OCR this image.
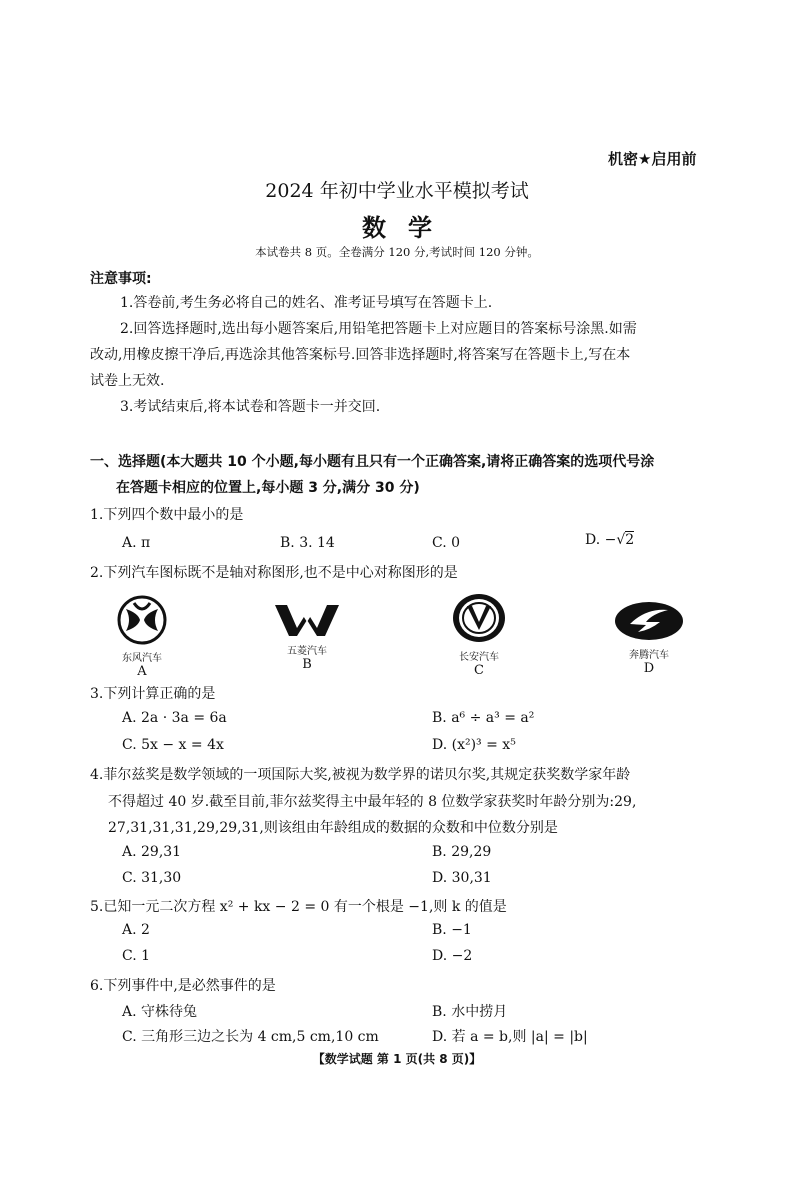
机密★启用前
2024 年初中学业水平模拟考试
数学
本试卷共 8 页。全卷满分 120 分,考试时间 120 分钟。
注意事项:
1.答卷前,考生务必将自己的姓名、准考证号填写在答题卡上.
2.回答选择题时,选出每小题答案后,用铅笔把答题卡上对应题目的答案标号涂黑.如需
改动,用橡皮擦干净后,再选涂其他答案标号.回答非选择题时,将答案写在答题卡上,写在本
试卷上无效.
3.考试结束后,将本试卷和答题卡一并交回.
一、选择题(本大题共 10 个小题,每小题有且只有一个正确答案,请将正确答案的选项代号涂
在答题卡相应的位置上,每小题 3 分,满分 30 分)
1.下列四个数中最小的是
A. π	B. 3. 14	C. 0	D. −√2
2.下列汽车图标既不是轴对称图形,也不是中心对称图形的是
东风汽车
A
五菱汽车
B	长安汽车
C
奔腾汽车
D
3.下列计算正确的是
A. 2a · 3a = 6a	B. a⁶ ÷ a³ = a²
C. 5x − x = 4x	D. (x²)³ = x⁵
4.菲尔兹奖是数学领域的一项国际大奖,被视为数学界的诺贝尔奖,其规定获奖数学家年龄
不得超过 40 岁.截至目前,菲尔兹奖得主中最年轻的 8 位数学家获奖时年龄分别为:29,
27,31,31,31,29,29,31,则该组由年龄组成的数据的众数和中位数分别是
A. 29,31	B. 29,29
C. 31,30	D. 30,31
5.已知一元二次方程 x² + kx − 2 = 0 有一个根是 −1,则 k 的值是
A. 2	B. −1
C. 1	D. −2
6.下列事件中,是必然事件的是
A. 守株待兔	B. 水中捞月
C. 三角形三边之长为 4 cm,5 cm,10 cm	D. 若 a = b,则 |a| = |b|
【数学试题 第 1 页(共 8 页)】
